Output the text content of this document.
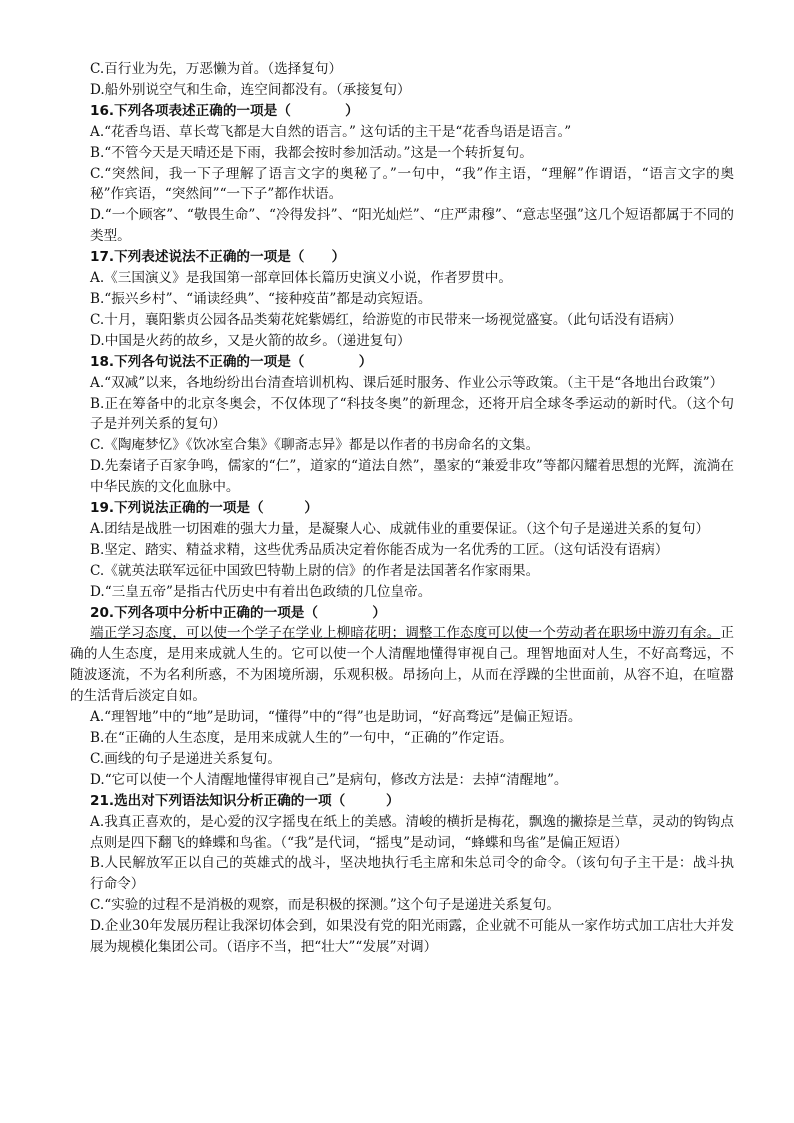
C.百行业为先，万恶懒为首。（选择复句）
D.船外别说空气和生命，连空间都没有。（承接复句）
16.下列各项表述正确的一项是（　　　　）
A.“花香鸟语、草长莺飞都是大自然的语言。” 这句话的主干是“花香鸟语是语言。”
B.“不管今天是天晴还是下雨，我都会按时参加活动。”这是一个转折复句。
C.“突然间，我一下子理解了语言文字的奥秘了。”一句中，“我”作主语，“理解”作谓语，“语言文字的奥秘”作宾语，“突然间”“一下子”都作状语。
D.“一个顾客”、“敬畏生命”、“冷得发抖”、“阳光灿烂”、“庄严肃穆”、“意志坚强”这几个短语都属于不同的类型。
17.下列表述说法不正确的一项是（　　）
A.《三国演义》是我国第一部章回体长篇历史演义小说，作者罗贯中。
B.“振兴乡村”、“诵读经典”、“接种疫苗”都是动宾短语。
C.十月，襄阳紫贞公园各品类菊花姹紫嫣红，给游览的市民带来一场视觉盛宴。（此句话没有语病）
D.中国是火药的故乡，又是火箭的故乡。（递进复句）
18.下列各句说法不正确的一项是（　　　　）
A.“双减”以来，各地纷纷出台清查培训机构、课后延时服务、作业公示等政策。（主干是“各地出台政策”）
B.正在筹备中的北京冬奥会，不仅体现了“科技冬奥”的新理念，还将开启全球冬季运动的新时代。（这个句子是并列关系的复句）
C.《陶庵梦忆》《饮冰室合集》《聊斋志异》都是以作者的书房命名的文集。
D.先秦诸子百家争鸣，儒家的“仁”，道家的“道法自然”，墨家的“兼爱非攻”等都闪耀着思想的光辉，流淌在中华民族的文化血脉中。
19.下列说法正确的一项是（　　　）
A.团结是战胜一切困难的强大力量，是凝聚人心、成就伟业的重要保证。（这个句子是递进关系的复句）
B.坚定、踏实、精益求精，这些优秀品质决定着你能否成为一名优秀的工匠。（这句话没有语病）
C.《就英法联军远征中国致巴特勒上尉的信》的作者是法国著名作家雨果。
D.“三皇五帝”是指古代历史中有着出色政绩的几位皇帝。
20.下列各项中分析中正确的一项是（　　　　）
端正学习态度，可以使一个学子在学业上柳暗花明；调整工作态度可以使一个劳动者在职场中游刃有余。正确的人生态度，是用来成就人生的。它可以使一个人清醒地懂得审视自己。理智地面对人生，不好高骛远，不随波逐流，不为名利所惑，不为困境所溺，乐观积极。昂扬向上，从而在浮躁的尘世面前，从容不迫，在喧嚣的生活背后淡定自如。
A.“理智地”中的“地”是助词，“懂得”中的“得”也是助词，“好高骛远”是偏正短语。
B.在“正确的人生态度，是用来成就人生的”一句中，“正确的”作定语。
C.画线的句子是递进关系复句。
D.“它可以使一个人清醒地懂得审视自己”是病句，修改方法是：去掉“清醒地”。
21.选出对下列语法知识分析正确的一项（　　　）
A.我真正喜欢的，是心爱的汉字摇曳在纸上的美感。清峻的横折是梅花，飘逸的撇捺是兰草，灵动的钩钩点点则是四下翻飞的蜂蝶和鸟雀。（“我”是代词，“摇曳”是动词，“蜂蝶和鸟雀”是偏正短语）
B.人民解放军正以自己的英雄式的战斗，坚决地执行毛主席和朱总司令的命令。（该句句子主干是：战斗执行命令）
C.“实验的过程不是消极的观察，而是积极的探测。”这个句子是递进关系复句。
D.企业30年发展历程让我深切体会到，如果没有党的阳光雨露，企业就不可能从一家作坊式加工店壮大并发展为规模化集团公司。（语序不当，把“壮大”“发展”对调）
